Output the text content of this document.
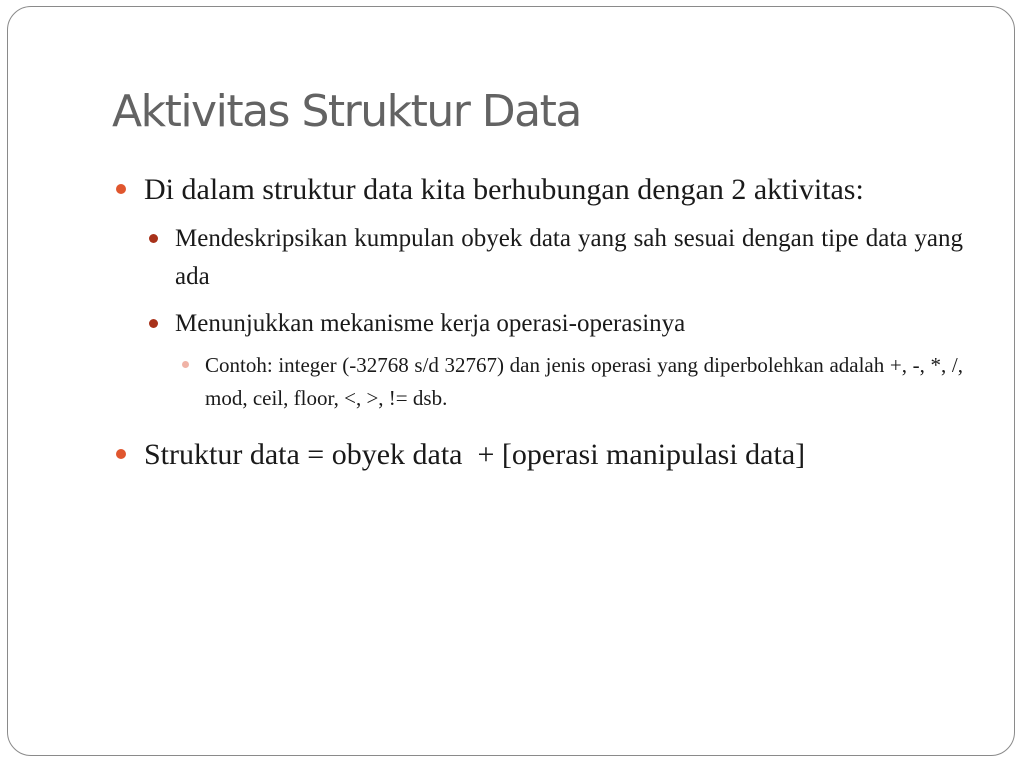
Aktivitas Struktur Data
Di dalam struktur data kita berhubungan dengan 2 aktivitas:
Mendeskripsikan kumpulan obyek data yang sah sesuai dengan tipe data yang ada
Menunjukkan mekanisme kerja operasi-operasinya
Contoh: integer (-32768 s/d 32767) dan jenis operasi yang diperbolehkan adalah +, -, *, /, mod, ceil, floor, <, >, != dsb.
Struktur data = obyek data  + [operasi manipulasi data]
